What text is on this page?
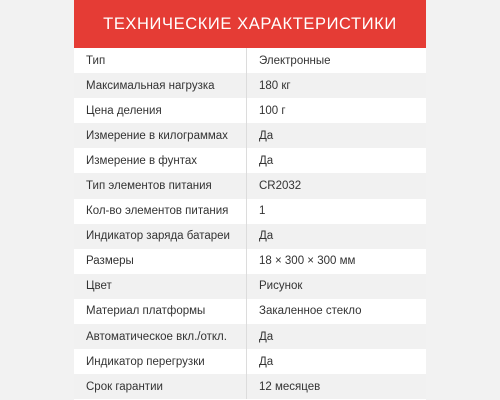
ТЕХНИЧЕСКИЕ ХАРАКТЕРИСТИКИ
Тип	Электронные
Максимальная нагрузка	180 кг
Цена деления	100 г
Измерение в килограммах	Да
Измерение в фунтах	Да
Тип элементов питания	CR2032
Кол-во элементов питания	1
Индикатор заряда батареи	Да
Размеры	18 × 300 × 300 мм
Цвет	Рисунок
Материал платформы	Закаленное стекло
Автоматическое вкл./откл.	Да
Индикатор перегрузки	Да
Срок гарантии	12 месяцев
